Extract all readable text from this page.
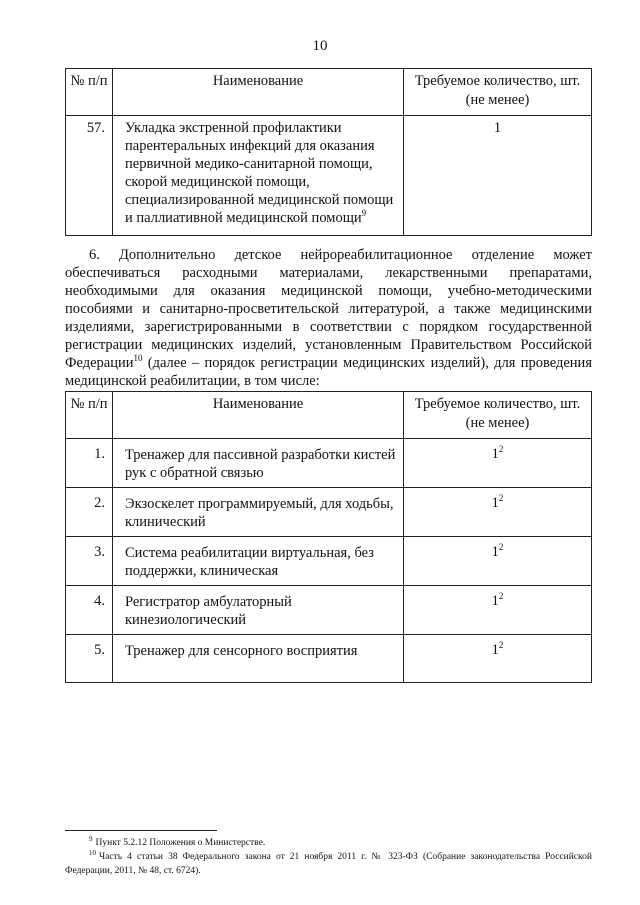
10
№ п/п	Наименование	Требуемое количество, шт. (не менее)
57.	Укладка экстренной профилактики парентеральных инфекций для оказания первичной медико-санитарной помощи, скорой медицинской помощи, специализированной медицинской помощи и паллиативной медицинской помощи$^9$	1

6. Дополнительно детское нейрореабилитационное отделение может обеспечиваться расходными материалами, лекарственными препаратами, необходимыми для оказания медицинской помощи, учебно-методическими пособиями и санитарно-просветительской литературой, а также медицинскими изделиями, зарегистрированными в соответствии с порядком государственной регистрации медицинских изделий, установленным Правительством Российской Федерации$^{10}$ (далее – порядок регистрации медицинских изделий), для проведения медицинской реабилитации, в том числе:

№ п/п	Наименование	Требуемое количество, шт. (не менее)
1.	Тренажер для пассивной разработки кистей рук с обратной связью	$1^2$
2.	Экзоскелет программируемый, для ходьбы, клинический	$1^2$
3.	Система реабилитации виртуальная, без поддержки, клиническая	$1^2$
4.	Регистратор амбулаторный кинезиологический	$1^2$
5.	Тренажер для сенсорного восприятия	$1^2$

$^9$ Пункт 5.2.12 Положения о Министерстве.

$^{10}$ Часть 4 статьи 38 Федерального закона от 21 ноября 2011 г. № 323-ФЗ (Собрание законодательства Российской Федерации, 2011, № 48, ст. 6724).
